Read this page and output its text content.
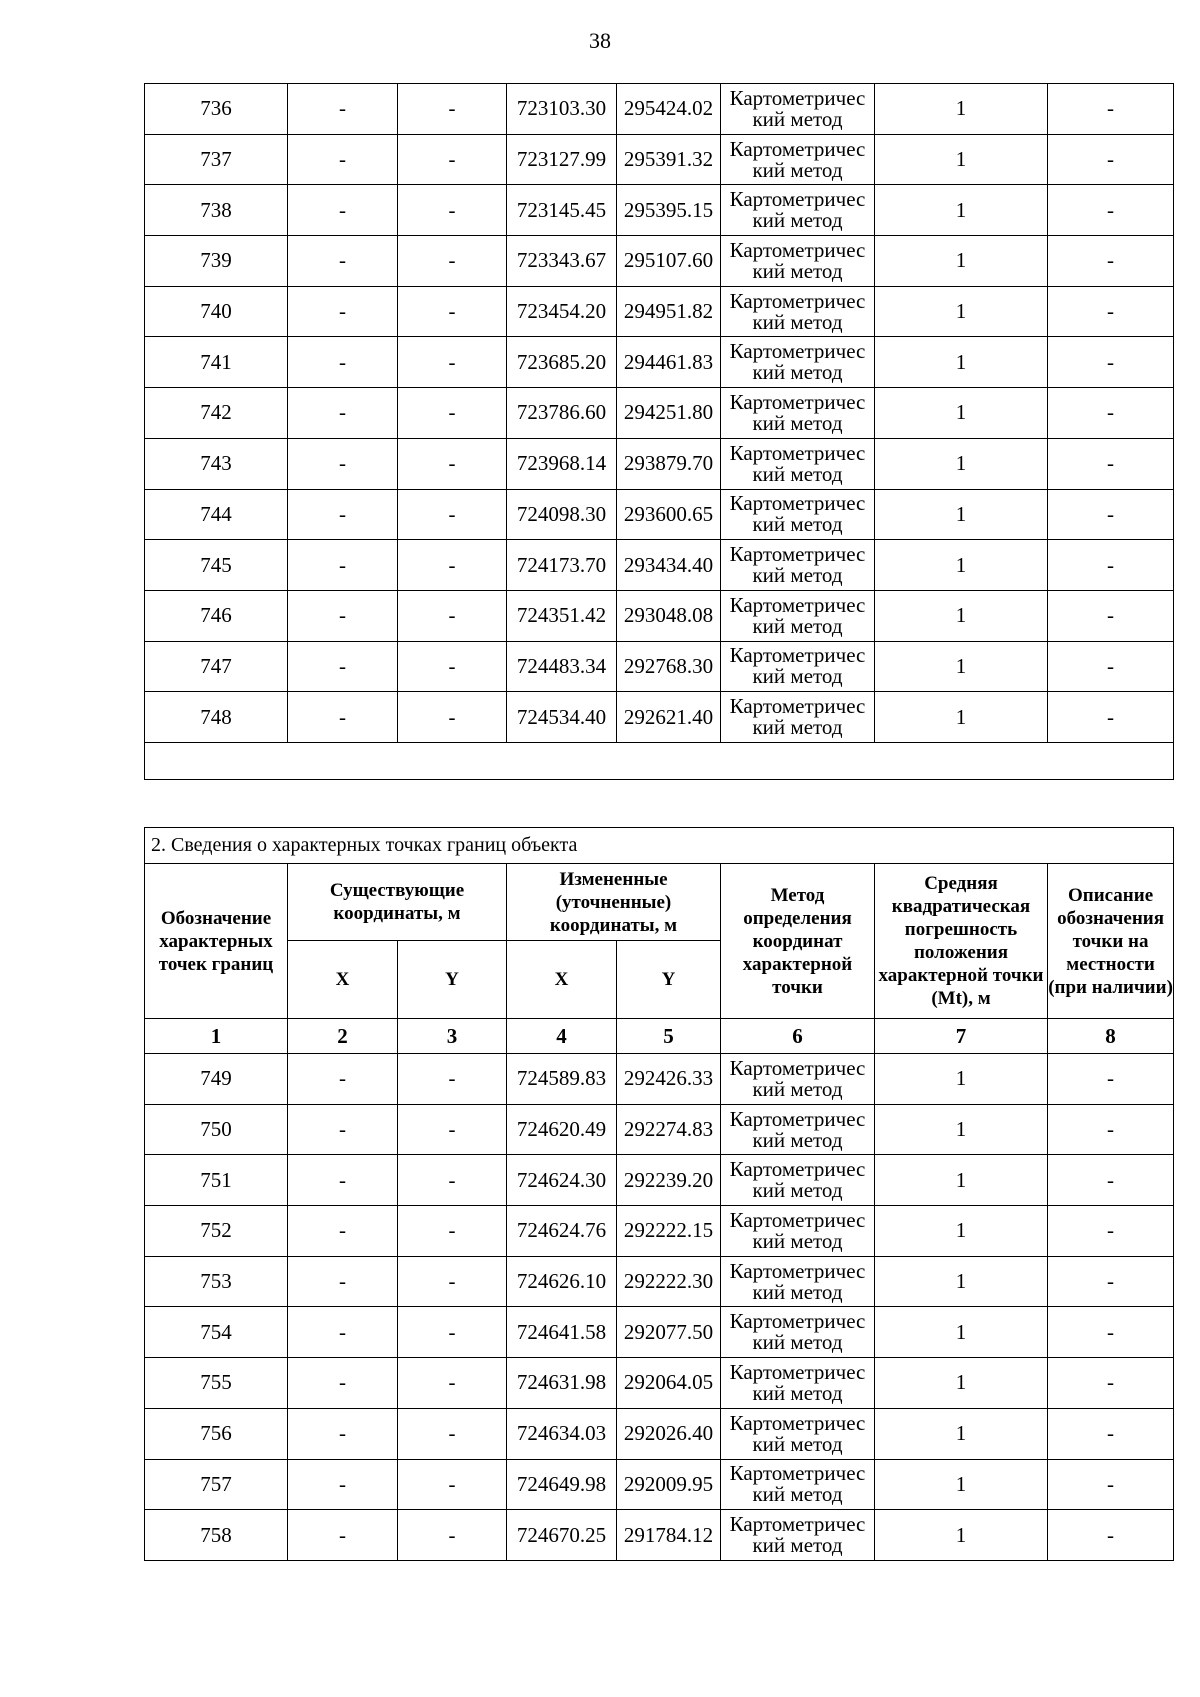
38
736	-	-	723103.30	295424.02	Картометричес
кий метод	1	-
737	-	-	723127.99	295391.32	Картометричес
кий метод	1	-
738	-	-	723145.45	295395.15	Картометричес
кий метод	1	-
739	-	-	723343.67	295107.60	Картометричес
кий метод	1	-
740	-	-	723454.20	294951.82	Картометричес
кий метод	1	-
741	-	-	723685.20	294461.83	Картометричес
кий метод	1	-
742	-	-	723786.60	294251.80	Картометричес
кий метод	1	-
743	-	-	723968.14	293879.70	Картометричес
кий метод	1	-
744	-	-	724098.30	293600.65	Картометричес
кий метод	1	-
745	-	-	724173.70	293434.40	Картометричес
кий метод	1	-
746	-	-	724351.42	293048.08	Картометричес
кий метод	1	-
747	-	-	724483.34	292768.30	Картометричес
кий метод	1	-
748	-	-	724534.40	292621.40	Картометричес
кий метод	1	-

2. Сведения о характерных точках границ объекта							
Обозначение характерных точек границ	Существующие координаты, м		Измененные (уточненные) координаты, м		Метод определения координат характерной точки	Средняя квадратическая погрешность положения характерной точки (Mt), м	Описание обозначения точки на местности (при наличии)
	X	Y	X	Y			
1	2	3	4	5	6	7	8
749	-	-	724589.83	292426.33	Картометричес
кий метод	1	-
750	-	-	724620.49	292274.83	Картометричес
кий метод	1	-
751	-	-	724624.30	292239.20	Картометричес
кий метод	1	-
752	-	-	724624.76	292222.15	Картометричес
кий метод	1	-
753	-	-	724626.10	292222.30	Картометричес
кий метод	1	-
754	-	-	724641.58	292077.50	Картометричес
кий метод	1	-
755	-	-	724631.98	292064.05	Картометричес
кий метод	1	-
756	-	-	724634.03	292026.40	Картометричес
кий метод	1	-
757	-	-	724649.98	292009.95	Картометричес
кий метод	1	-
758	-	-	724670.25	291784.12	Картометричес
кий метод	1	-
